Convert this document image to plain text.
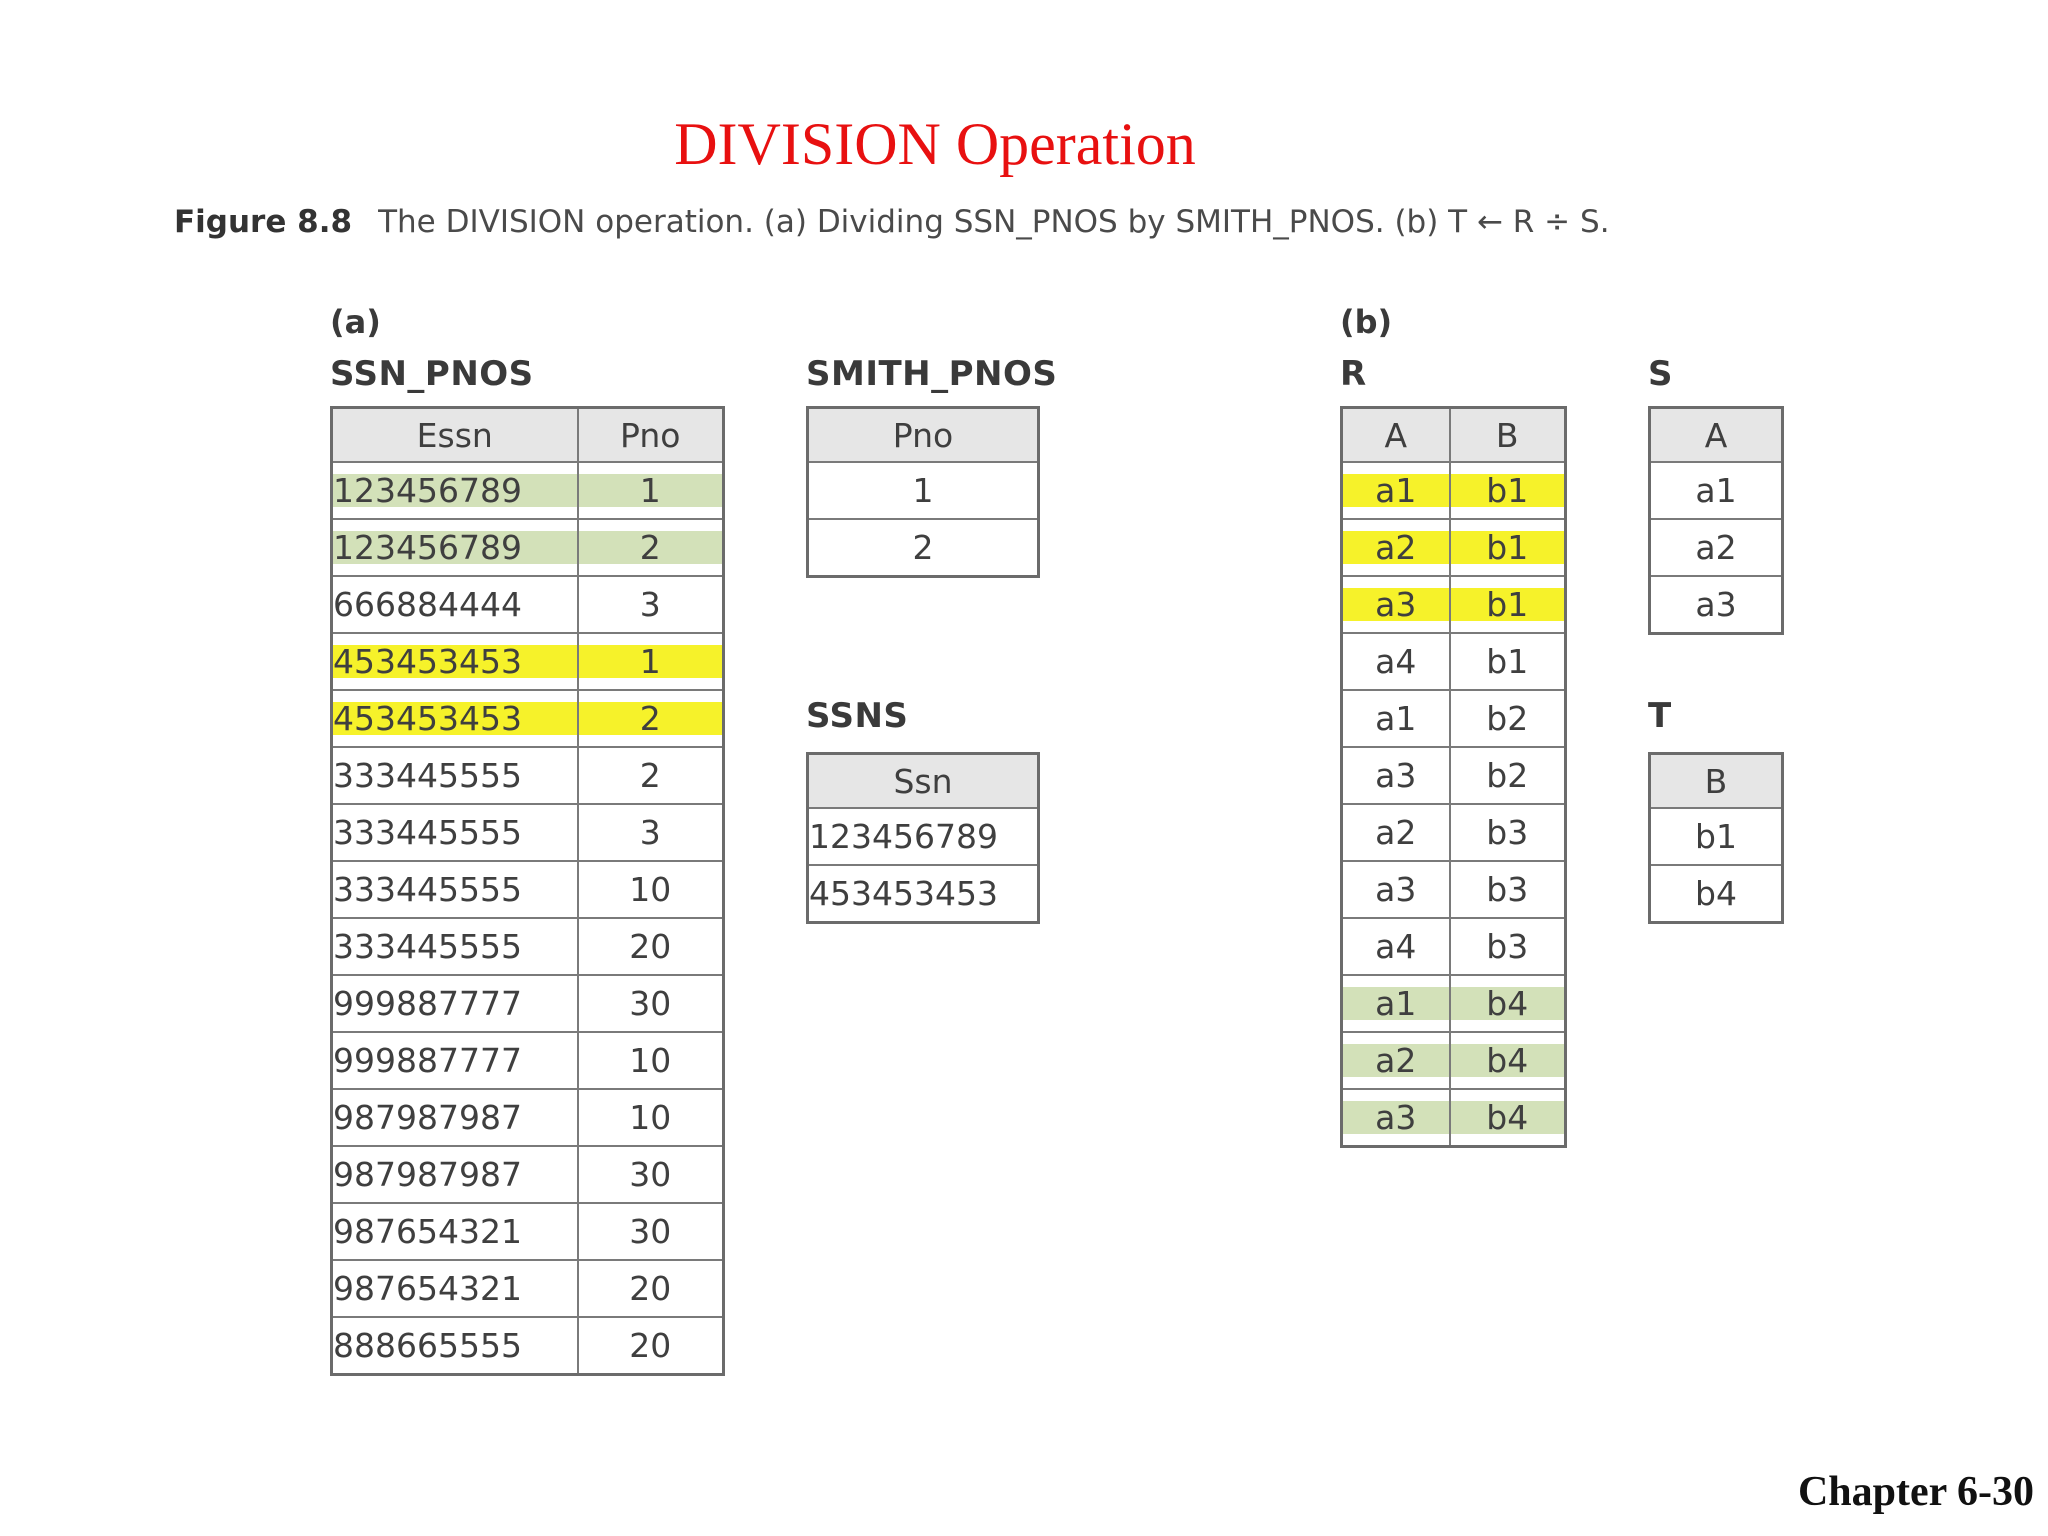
DIVISION Operation
Figure 8.8 The DIVISION operation. (a) Dividing SSN_PNOS by SMITH_PNOS. (b) T ← R ÷ S.
(a)
SSN_PNOS
Essn	Pno
123456789	1
123456789	2
666884444	3
453453453	1
453453453	2
333445555	2
333445555	3
333445555	10
333445555	20
999887777	30
999887777	10
987987987	10
987987987	30
987654321	30
987654321	20
888665555	20
SMITH_PNOS
Pno
1
2
SSNS
Ssn
123456789
453453453
(b)
R
A	B
a1	b1
a2	b1
a3	b1
a4	b1
a1	b2
a3	b2
a2	b3
a3	b3
a4	b3
a1	b4
a2	b4
a3	b4
S
A
a1
a2
a3
T
B
b1
b4
Chapter 6-30
